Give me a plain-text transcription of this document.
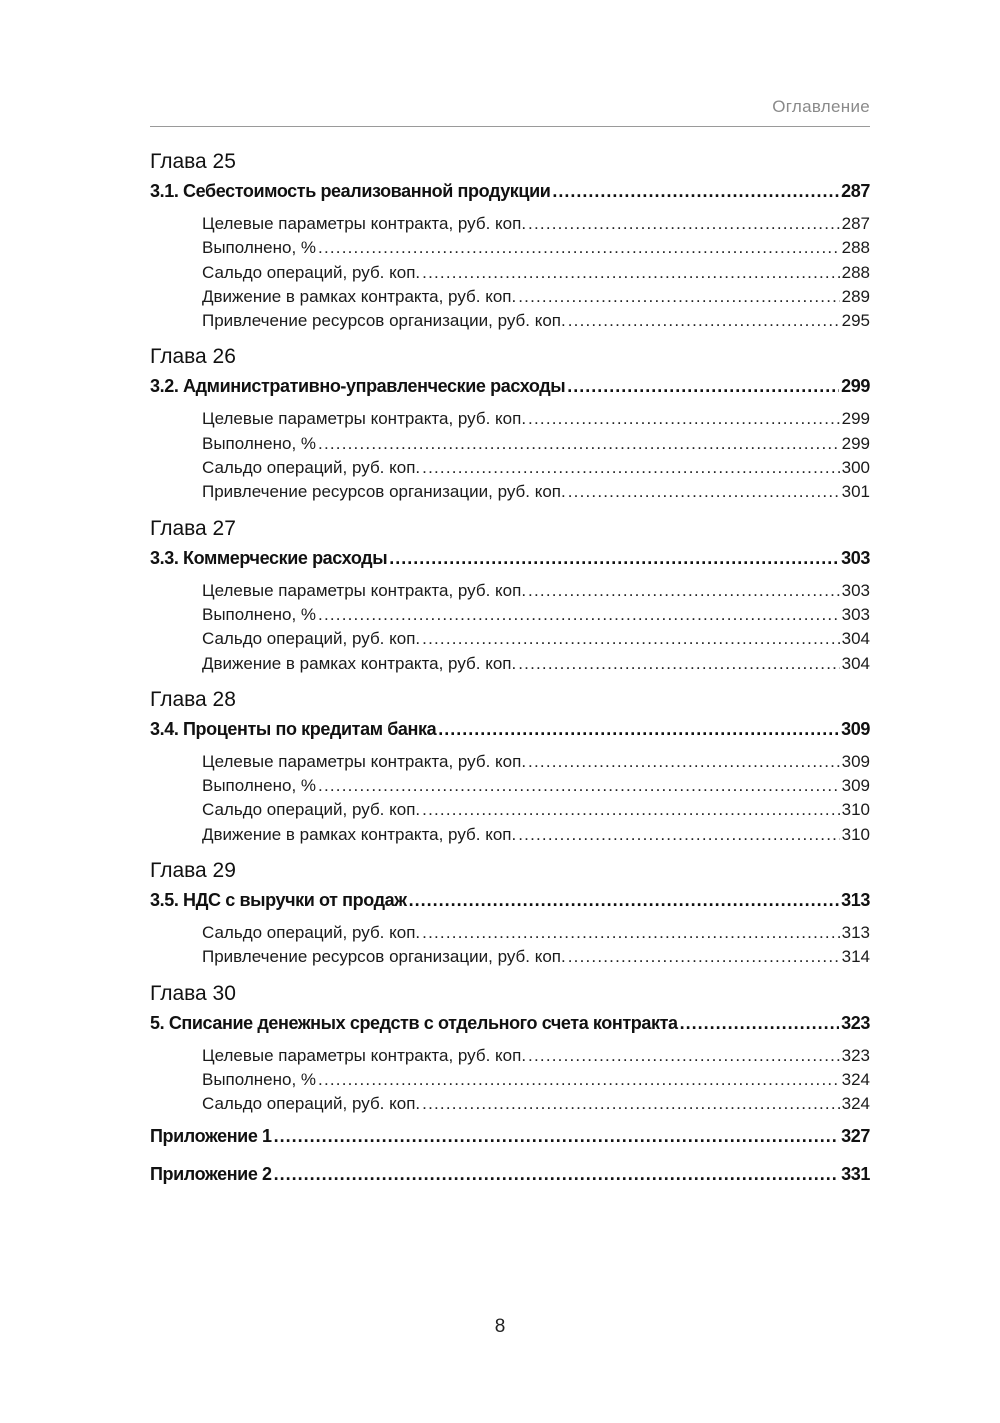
Оглавление
Глава 25
3.1. Себестоимость реализованной продукции .....	287
Целевые параметры контракта, руб. коп. .....	287
Выполнено, % .....	288
Сальдо операций, руб. коп. .....	288
Движение в рамках контракта, руб. коп. .....	289
Привлечение ресурсов организации, руб. коп. .....	295
Глава 26
3.2. Административно-управленческие расходы .....	299
Целевые параметры контракта, руб. коп. .....	299
Выполнено, % .....	299
Сальдо операций, руб. коп. .....	300
Привлечение ресурсов организации, руб. коп. .....	301
Глава 27
3.3. Коммерческие расходы .....	303
Целевые параметры контракта, руб. коп. .....	303
Выполнено, % .....	303
Сальдо операций, руб. коп. .....	304
Движение в рамках контракта, руб. коп. .....	304
Глава 28
3.4. Проценты по кредитам банка .....	309
Целевые параметры контракта, руб. коп. .....	309
Выполнено, % .....	309
Сальдо операций, руб. коп. .....	310
Движение в рамках контракта, руб. коп. .....	310
Глава 29
3.5. НДС с выручки от продаж .....	313
Сальдо операций, руб. коп. .....	313
Привлечение ресурсов организации, руб. коп. .....	314
Глава 30
5. Списание денежных средств с отдельного счета контракта .....	323
Целевые параметры контракта, руб. коп. .....	323
Выполнено, % .....	324
Сальдо операций, руб. коп. .....	324
Приложение 1 .....	327
Приложение 2 .....	331
8
